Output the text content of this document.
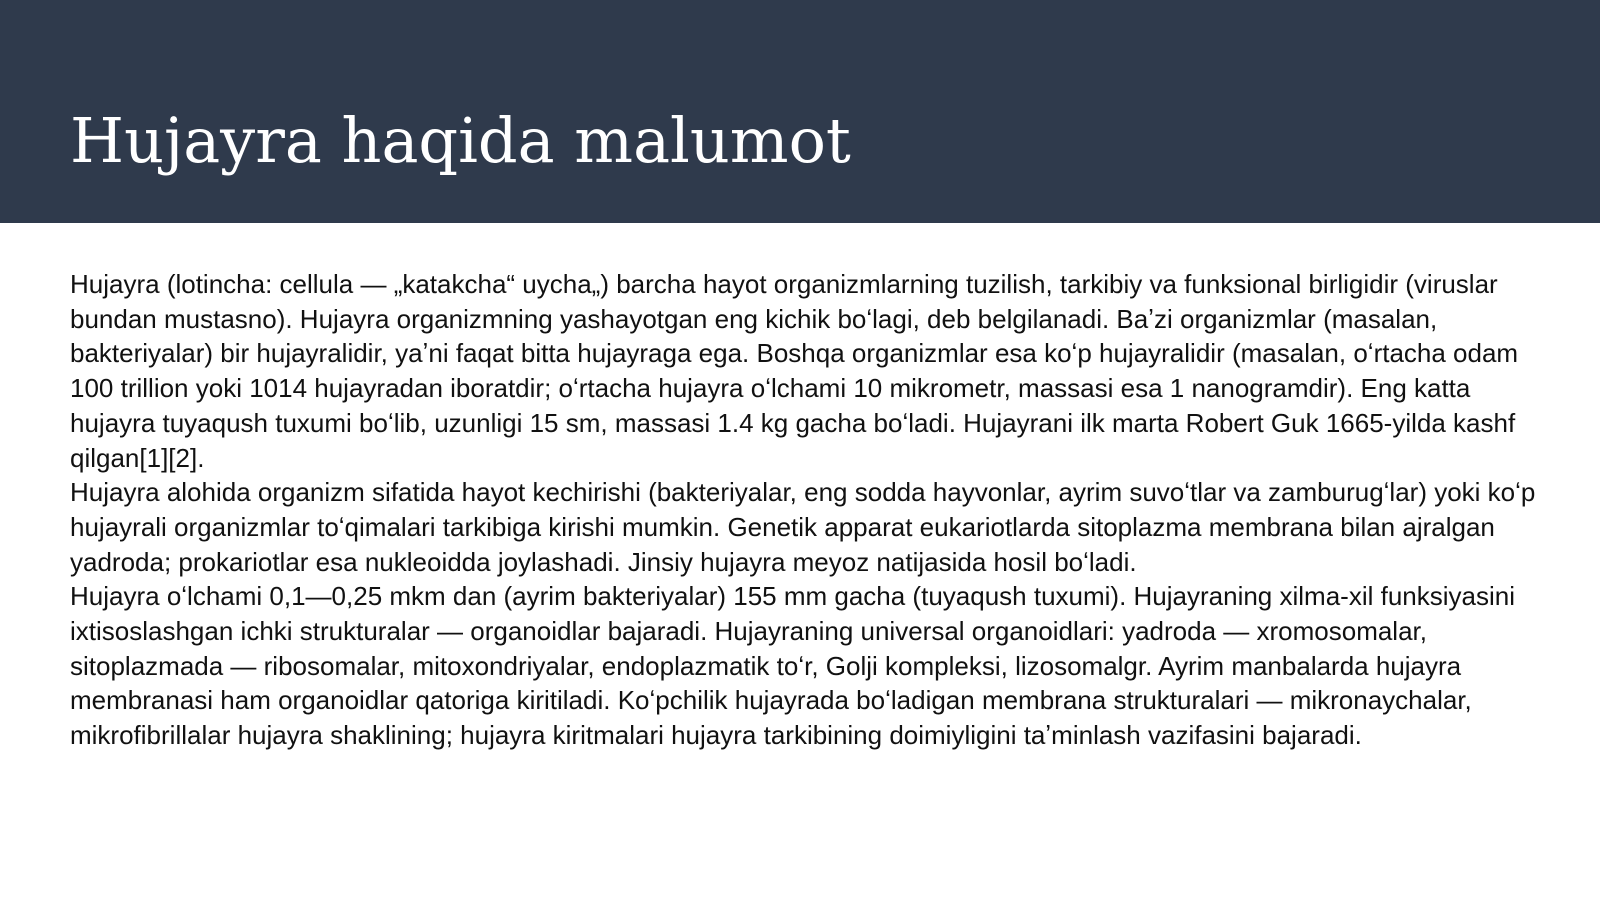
Hujayra haqida malumot

Hujayra (lotincha: cellula — „katakcha“ uycha„) barcha hayot organizmlarning tuzilish, tarkibiy va funksional birligidir (viruslar bundan mustasno). Hujayra organizmning yashayotgan eng kichik boʻlagi, deb belgilanadi. Baʼzi organizmlar (masalan, bakteriyalar) bir hujayralidir, yaʼni faqat bitta hujayraga ega. Boshqa organizmlar esa koʻp hujayralidir (masalan, oʻrtacha odam 100 trillion yoki 1014 hujayradan iboratdir; oʻrtacha hujayra oʻlchami 10 mikrometr, massasi esa 1 nanogramdir). Eng katta hujayra tuyaqush tuxumi boʻlib, uzunligi 15 sm, massasi 1.4 kg gacha boʻladi. Hujayrani ilk marta Robert Guk 1665-yilda kashf qilgan[1][2].

Hujayra alohida organizm sifatida hayot kechirishi (bakteriyalar, eng sodda hayvonlar, ayrim suvoʻtlar va zamburugʻlar) yoki koʻp hujayrali organizmlar toʻqimalari tarkibiga kirishi mumkin. Genetik apparat eukariotlarda sitoplazma membrana bilan ajralgan yadroda; prokariotlar esa nukleoidda joylashadi. Jinsiy hujayra meyoz natijasida hosil boʻladi.

Hujayra oʻlchami 0,1—0,25 mkm dan (ayrim bakteriyalar) 155 mm gacha (tuyaqush tuxumi). Hujayraning xilma-xil funksiyasini ixtisoslashgan ichki strukturalar — organoidlar bajaradi. Hujayraning universal organoidlari: yadroda — xromosomalar, sitoplazmada — ribosomalar, mitoxondriyalar, endoplazmatik toʻr, Golji kompleksi, lizosomalgr. Ayrim manbalarda hujayra membranasi ham organoidlar qatoriga kiritiladi. Koʻpchilik hujayrada boʻladigan membrana strukturalari — mikronaychalar, mikrofibrillalar hujayra shaklining; hujayra kiritmalari hujayra tarkibining doimiyligini taʼminlash vazifasini bajaradi.
